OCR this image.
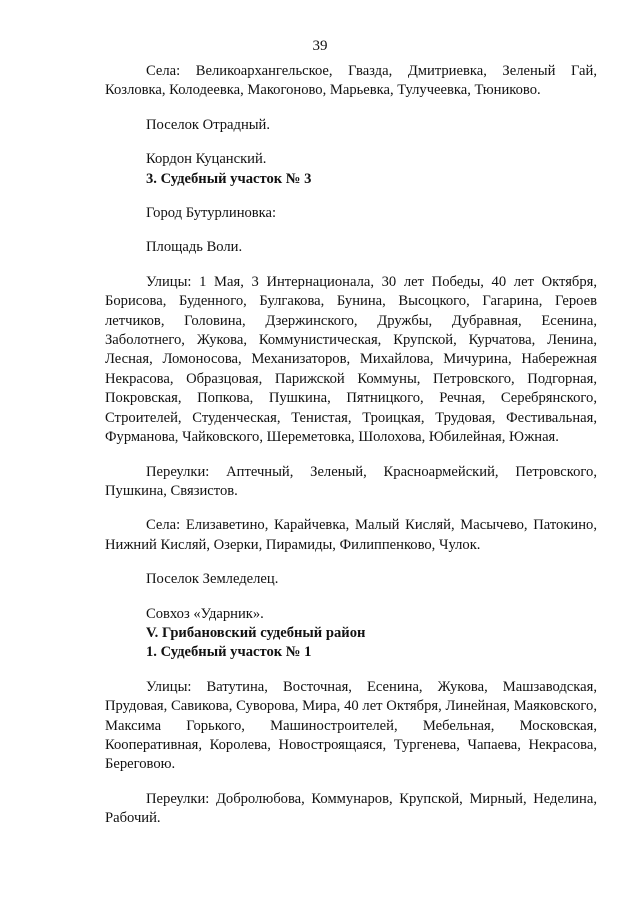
39

Села: Великоархангельское, Гвазда, Дмитриевка, Зеленый Гай, Козловка, Колодеевка, Макогоново, Марьевка, Тулучеевка, Тюниково.

Поселок Отрадный.

Кордон Куцанский.

3. Судебный участок № 3

Город Бутурлиновка:

Площадь Воли.

Улицы: 1 Мая, 3 Интернационала, 30 лет Победы, 40 лет Октября, Борисова, Буденного, Булгакова, Бунина, Высоцкого, Гагарина, Героев летчиков, Головина, Дзержинского, Дружбы, Дубравная, Есенина, Заболотнего, Жукова, Коммунистическая, Крупской, Курчатова, Ленина, Лесная, Ломоносова, Механизаторов, Михайлова, Мичурина, Набережная Некрасова, Образцовая, Парижской Коммуны, Петровского, Подгорная, Покровская, Попкова, Пушкина, Пятницкого, Речная, Серебрянского, Строителей, Студенческая, Тенистая, Троицкая, Трудовая, Фестивальная, Фурманова, Чайковского, Шереметовка, Шолохова, Юбилейная, Южная.

Переулки: Аптечный, Зеленый, Красноармейский, Петровского, Пушкина, Связистов.

Села: Елизаветино, Карайчевка, Малый Кисляй, Масычево, Патокино, Нижний Кисляй, Озерки, Пирамиды, Филиппенково, Чулок.

Поселок Земледелец.

Совхоз «Ударник».

V. Грибановский судебный район

1. Судебный участок № 1

Улицы: Ватутина, Восточная, Есенина, Жукова, Машзаводская, Прудовая, Савикова, Суворова, Мира, 40 лет Октября, Линейная, Маяковского, Максима Горького, Машиностроителей, Мебельная, Московская, Кооперативная, Королева, Новостроящаяся, Тургенева, Чапаева, Некрасова, Береговою.

Переулки: Добролюбова, Коммунаров, Крупской, Мирный, Неделина, Рабочий.
